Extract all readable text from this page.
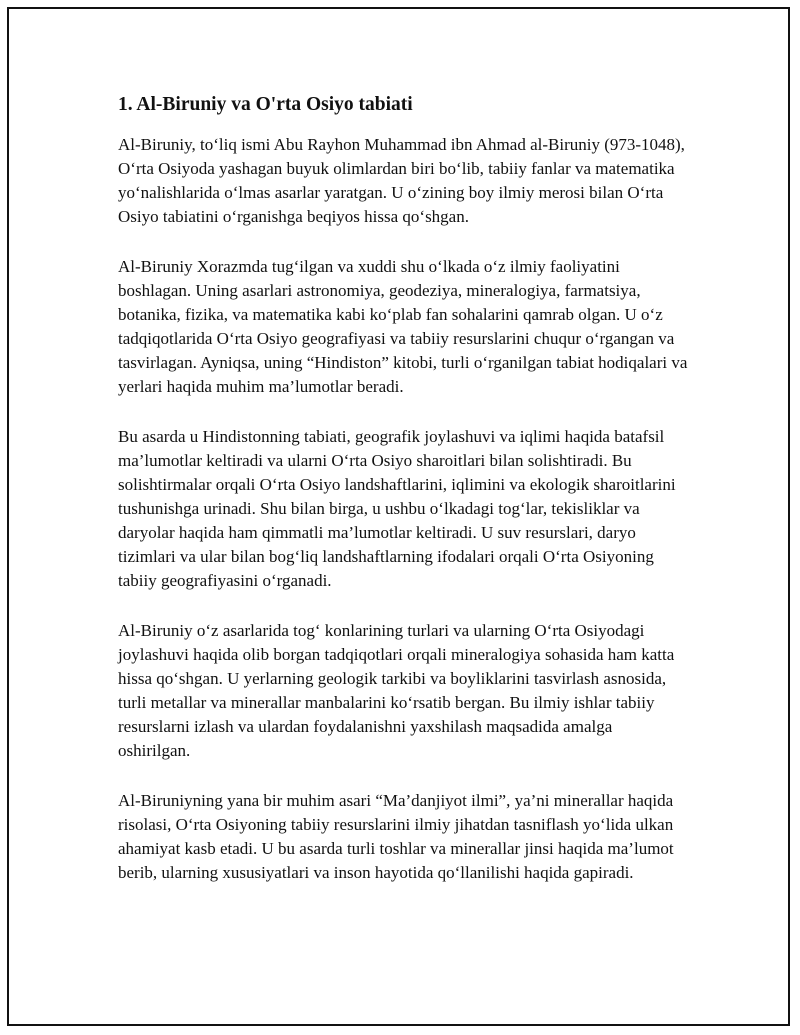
1. Al-Biruniy va O'rta Osiyo tabiati

Al-Biruniy, to‘liq ismi Abu Rayhon Muhammad ibn Ahmad al-Biruniy (973-1048), O‘rta Osiyoda yashagan buyuk olimlardan biri bo‘lib, tabiiy fanlar va matematika yo‘nalishlarida o‘lmas asarlar yaratgan. U o‘zining boy ilmiy merosi bilan O‘rta Osiyo tabiatini o‘rganishga beqiyos hissa qo‘shgan.

Al-Biruniy Xorazmda tug‘ilgan va xuddi shu o‘lkada o‘z ilmiy faoliyatini boshlagan. Uning asarlari astronomiya, geodeziya, mineralogiya, farmatsiya, botanika, fizika, va matematika kabi ko‘plab fan sohalarini qamrab olgan. U o‘z tadqiqotlarida O‘rta Osiyo geografiyasi va tabiiy resurslarini chuqur o‘rgangan va tasvirlagan. Ayniqsa, uning “Hindiston” kitobi, turli o‘rganilgan tabiat hodiqalari va yerlari haqida muhim ma’lumotlar beradi.

Bu asarda u Hindistonning tabiati, geografik joylashuvi va iqlimi haqida batafsil ma’lumotlar keltiradi va ularni O‘rta Osiyo sharoitlari bilan solishtiradi. Bu solishtirmalar orqali O‘rta Osiyo landshaftlarini, iqlimini va ekologik sharoitlarini tushunishga urinadi. Shu bilan birga, u ushbu o‘lkadagi tog‘lar, tekisliklar va daryolar haqida ham qimmatli ma’lumotlar keltiradi. U suv resurslari, daryo tizimlari va ular bilan bog‘liq landshaftlarning ifodalari orqali O‘rta Osiyoning tabiiy geografiyasini o‘rganadi.

Al-Biruniy o‘z asarlarida tog‘ konlarining turlari va ularning O‘rta Osiyodagi joylashuvi haqida olib borgan tadqiqotlari orqali mineralogiya sohasida ham katta hissa qo‘shgan. U yerlarning geologik tarkibi va boyliklarini tasvirlash asnosida, turli metallar va minerallar manbalarini ko‘rsatib bergan. Bu ilmiy ishlar tabiiy resurslarni izlash va ulardan foydalanishni yaxshilash maqsadida amalga oshirilgan.

Al-Biruniyning yana bir muhim asari “Ma’danjiyot ilmi”, ya’ni minerallar haqida risolasi, O‘rta Osiyoning tabiiy resurslarini ilmiy jihatdan tasniflash yo‘lida ulkan ahamiyat kasb etadi. U bu asarda turli toshlar va minerallar jinsi haqida ma’lumot berib, ularning xususiyatlari va inson hayotida qo‘llanilishi haqida gapiradi.
